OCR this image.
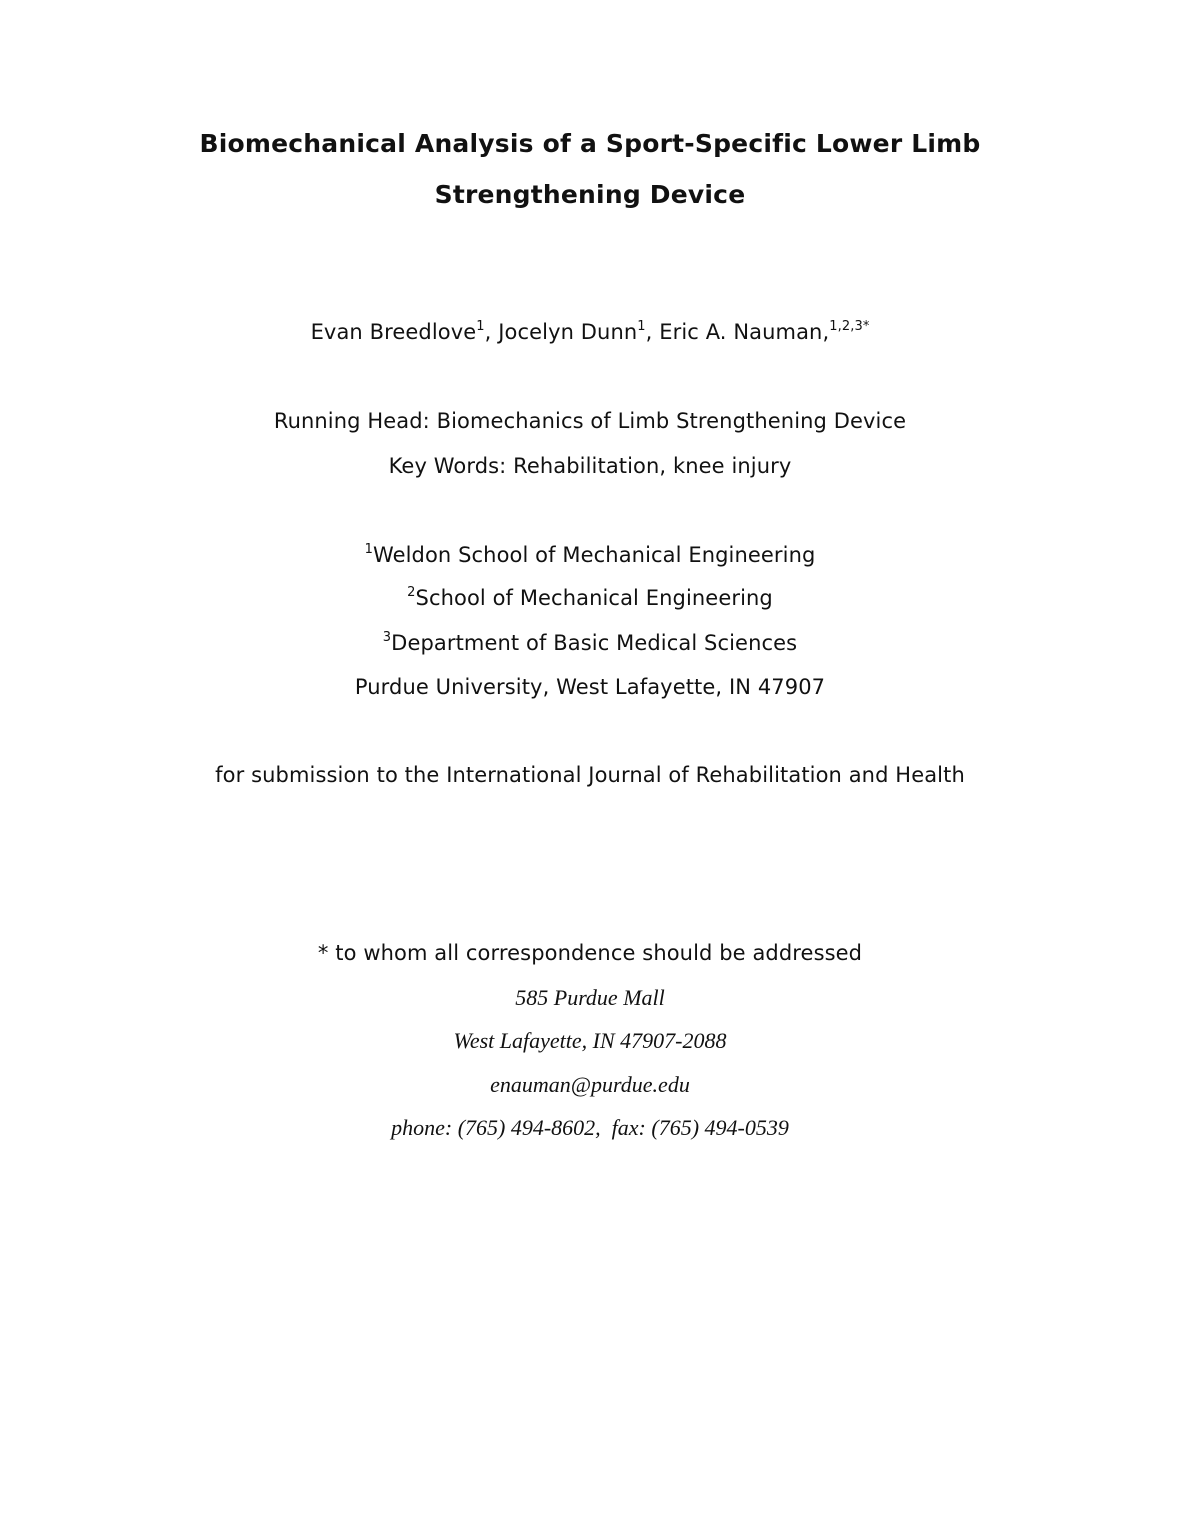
Biomechanical Analysis of a Sport-Specific Lower Limb
Strengthening Device
Evan Breedlove$^1$, Jocelyn Dunn$^1$, Eric A. Nauman,$^{1,2,3*}$
Running Head: Biomechanics of Limb Strengthening Device
Key Words: Rehabilitation, knee injury
$^1$Weldon School of Mechanical Engineering
$^2$School of Mechanical Engineering
$^3$Department of Basic Medical Sciences
Purdue University, West Lafayette, IN 47907
for submission to the International Journal of Rehabilitation and Health
* to whom all correspondence should be addressed
585 Purdue Mall
West Lafayette, IN 47907-2088
enauman@purdue.edu
phone: (765) 494-8602,  fax: (765) 494-0539
